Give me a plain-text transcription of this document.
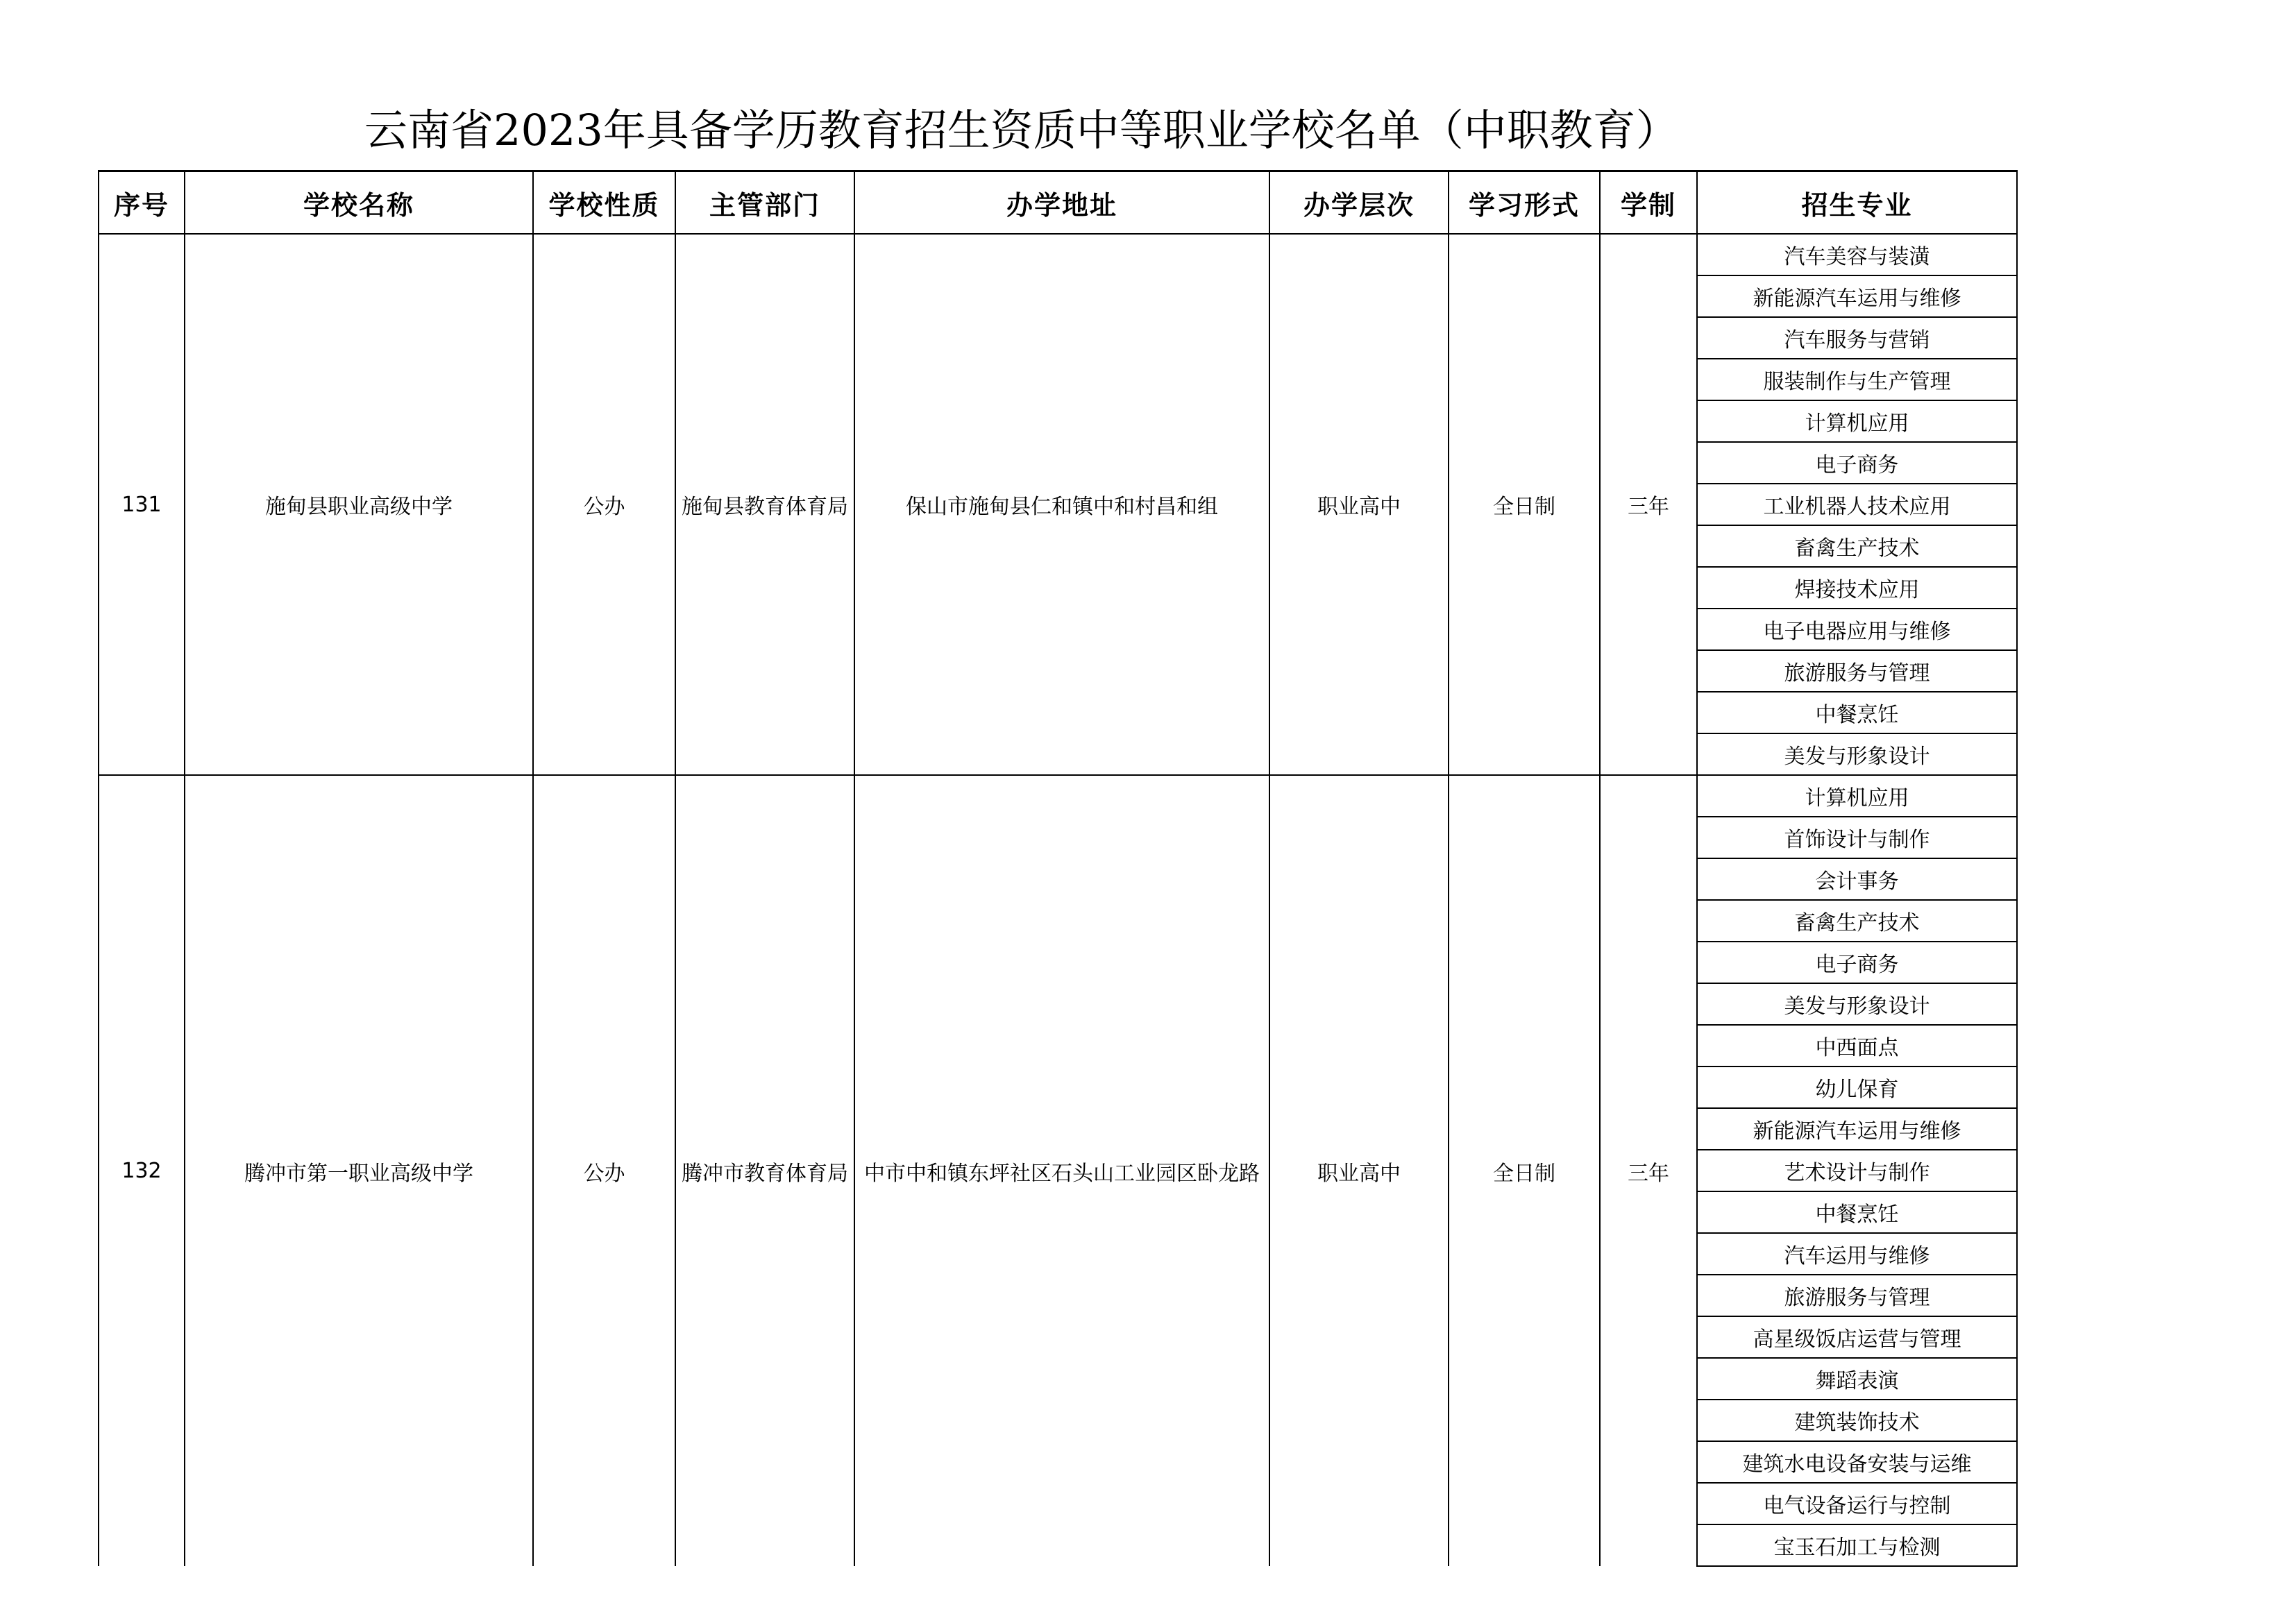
云南省2023年具备学历教育招生资质中等职业学校名单（中职教育）
序号	学校名称	学校性质	主管部门	办学地址	办学层次	学习形式	学制	招生专业
131	施甸县职业高级中学	公办	施甸县教育体育局	保山市施甸县仁和镇中和村昌和组	职业高中	全日制	三年	汽车美容与装潢
								新能源汽车运用与维修
								汽车服务与营销
								服装制作与生产管理
								计算机应用
								电子商务
								工业机器人技术应用
								畜禽生产技术
								焊接技术应用
								电子电器应用与维修
								旅游服务与管理
								中餐烹饪
								美发与形象设计
132	腾冲市第一职业高级中学	公办	腾冲市教育体育局	中市中和镇东坪社区石头山工业园区卧龙路	职业高中	全日制	三年	计算机应用
								首饰设计与制作
								会计事务
								畜禽生产技术
								电子商务
								美发与形象设计
								中西面点
								幼儿保育
								新能源汽车运用与维修
								艺术设计与制作
								中餐烹饪
								汽车运用与维修
								旅游服务与管理
								高星级饭店运营与管理
								舞蹈表演
								建筑装饰技术
								建筑水电设备安装与运维
								电气设备运行与控制
								宝玉石加工与检测
